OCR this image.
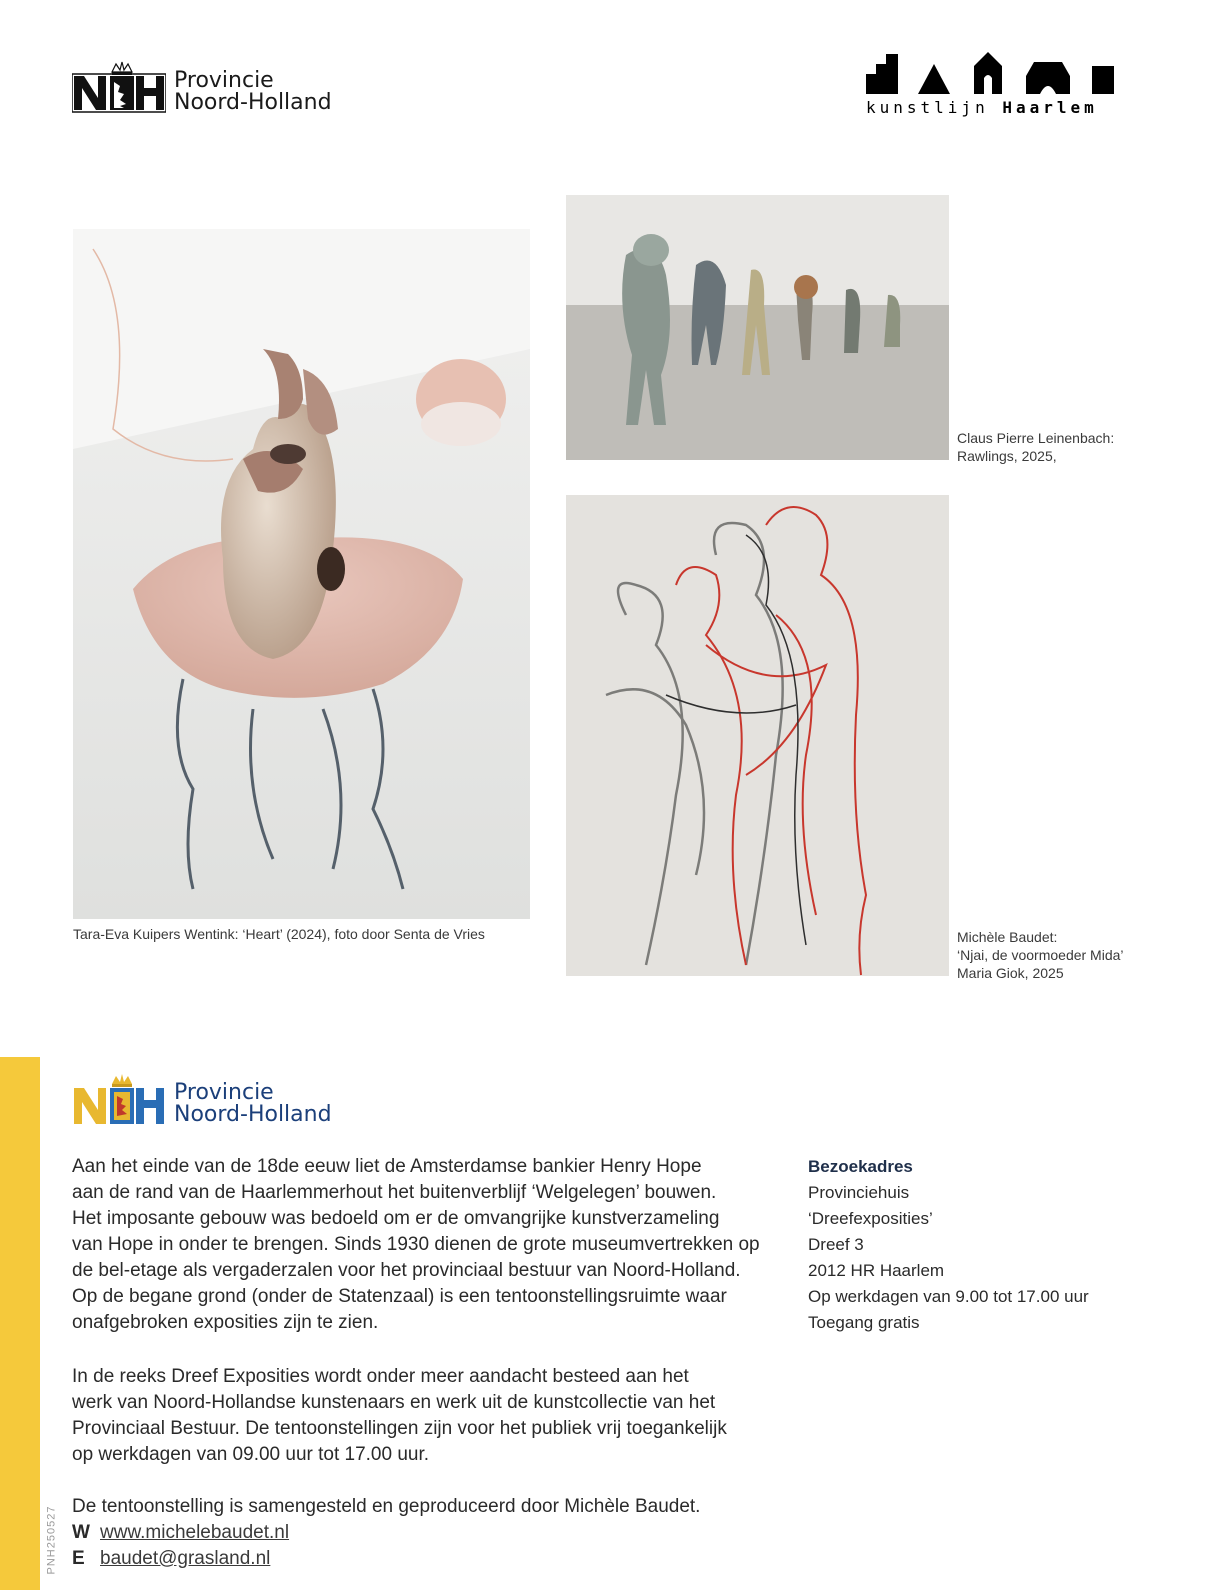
Provincie
Noord-Holland	kunstlijn Haarlem
Tara-Eva Kuipers Wentink: ‘Heart’ (2024), foto door Senta de Vries
Claus Pierre Leinenbach:
Rawlings, 2025,
Michèle Baudet:
‘Njai, de voormoeder Mida’
Maria Giok, 2025
Provincie
Noord-Holland

Aan het einde van de 18de eeuw liet de Amsterdamse bankier Henry Hope

aan de rand van de Haarlemmerhout het buitenverblijf ‘Welgelegen’ bouwen.

Het imposante gebouw was bedoeld om er de omvangrijke kunstverzameling

van Hope in onder te brengen. Sinds 1930 dienen de grote museumvertrekken op

de bel-etage als vergaderzalen voor het provinciaal bestuur van Noord-Holland.

Op de begane grond (onder de Statenzaal) is een tentoonstellingsruimte waar

onafgebroken exposities zijn te zien.

In de reeks Dreef Exposities wordt onder meer aandacht besteed aan het

werk van Noord-Hollandse kunstenaars en werk uit de kunstcollectie van het

Provinciaal Bestuur. De tentoonstellingen zijn voor het publiek vrij toegankelijk

op werkdagen van 09.00 uur tot 17.00 uur.

De tentoonstelling is samengesteld en geproduceerd door Michèle Baudet.

W www.michelebaudet.nl
E baudet@grasland.nl
Bezoekadres
Provinciehuis
‘Dreefexposities’
Dreef 3
2012 HR Haarlem
Op werkdagen van 9.00 tot 17.00 uur
Toegang gratis
PNH250527
